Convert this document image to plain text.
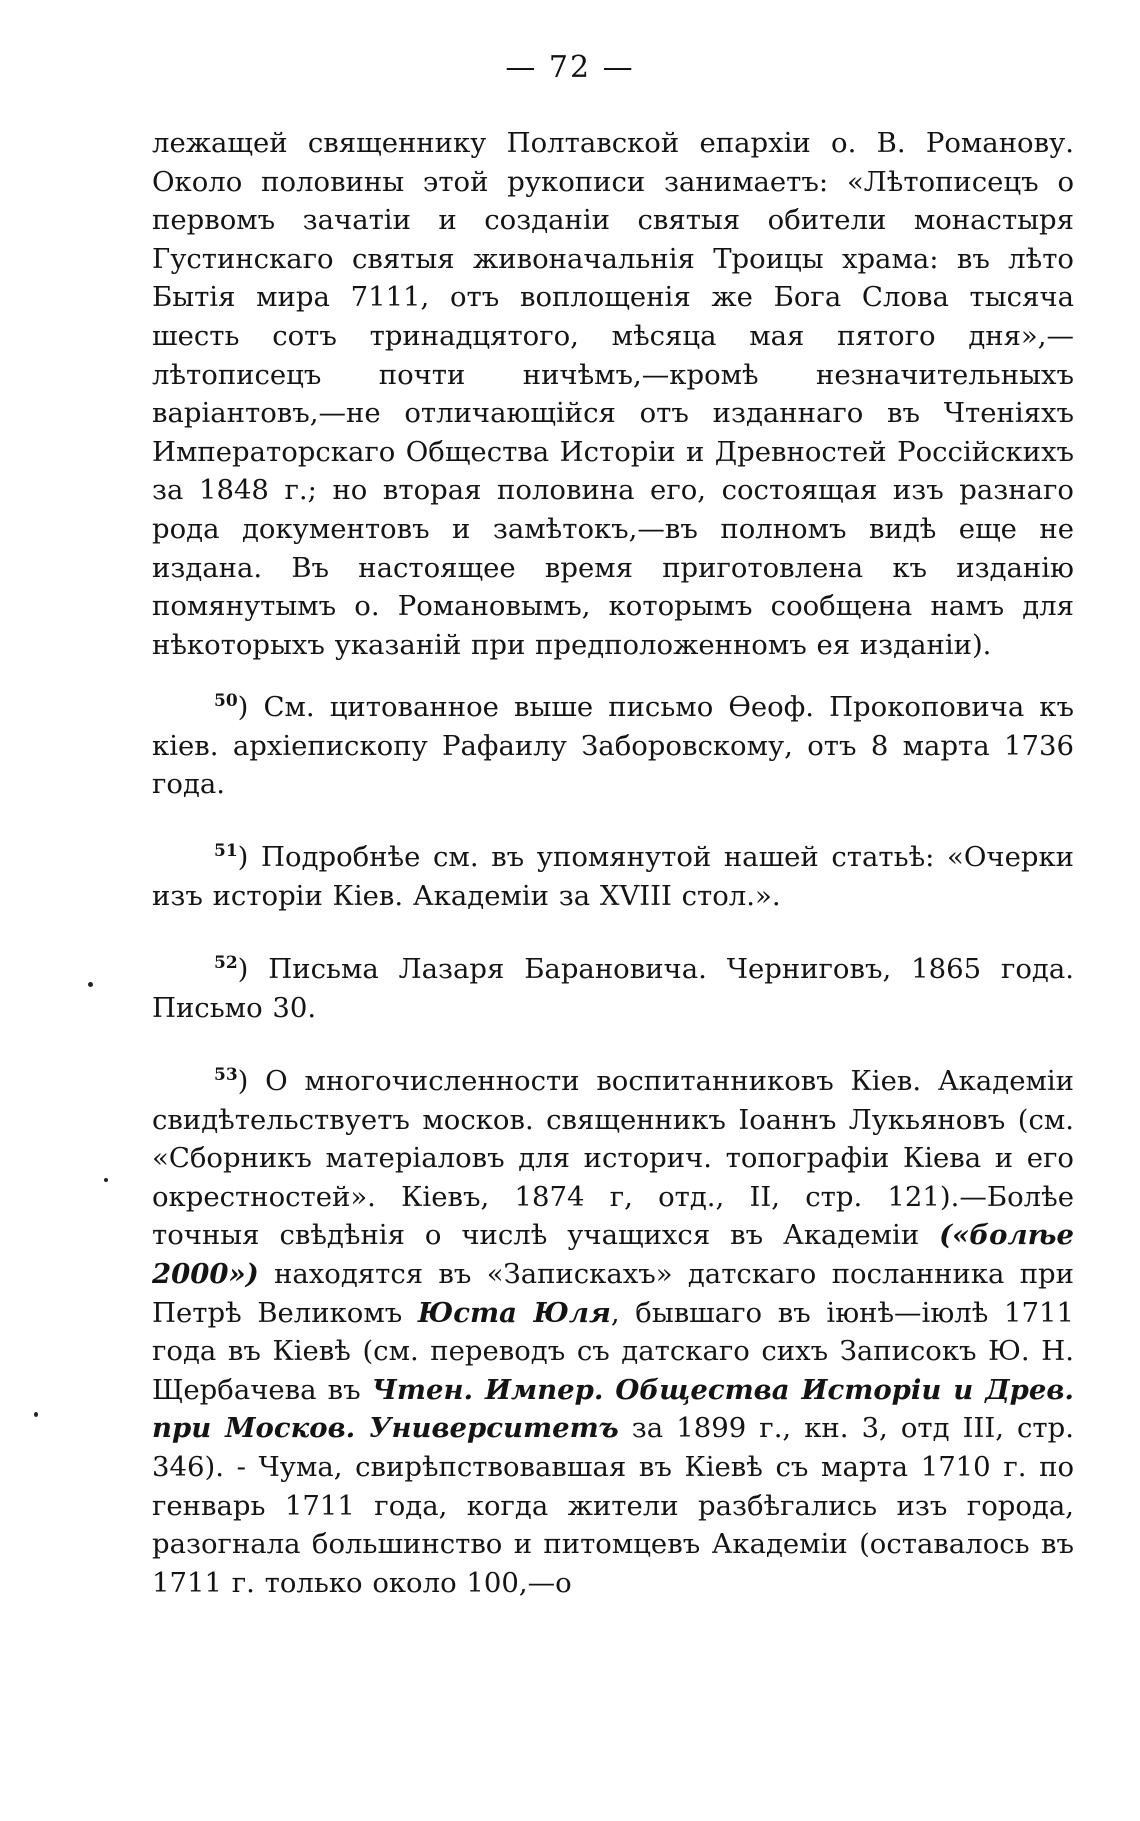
— 72 —

лежащей священнику Полтавской епархіи о. В. Романову. Около половины этой рукописи занимаетъ: «Лѣтописецъ о первомъ зачатіи и созданіи святыя обители монастыря Густинскаго святыя живоначальнія Троицы храма: въ лѣто Бытія мира 7111, отъ воплощенія же Бога Слова тысяча шесть сотъ тринадцятого, мѣсяца мая пятого дня»,—лѣтописецъ почти ничѣмъ,—кромѣ незначительныхъ варіантовъ,—не отличающійся отъ изданнаго въ Чтеніяхъ Императорскаго Общества Исторіи и Древностей Россійскихъ за 1848 г.; но вторая половина его, состоящая изъ разнаго рода документовъ и замѣтокъ,—въ полномъ видѣ еще не издана. Въ настоящее время приготовлена къ изданію помянутымъ о. Романовымъ, которымъ сообщена намъ для нѣкоторыхъ указаній при предположенномъ ея изданіи).

$^{50}$) См. цитованное выше письмо Ѳеоф. Прокоповича къ кіев. архіепископу Рафаилу Заборовскому, отъ 8 марта 1736 года.

$^{51}$) Подробнѣе см. въ упомянутой нашей статьѣ: «Очерки изъ исторіи Кіев. Академіи за XVIII стол.».

$^{52}$) Письма Лазаря Барановича. Черниговъ, 1865 года. Письмо 30.

$^{53}$) О многочисленности воспитанниковъ Кіев. Академіи свидѣтельствуетъ москов. священникъ Іоаннъ Лукьяновъ (см. «Сборникъ матеріаловъ для историч. топографіи Кіева и его окрестностей». Кіевъ, 1874 г, отд., II, стр. 121).—Болѣе точныя свѣдѣнія о числѣ учащихся въ Академіи («болѣе 2000») находятся въ «Запискахъ» датскаго посланника при Петрѣ Великомъ Юста Юля, бывшаго въ іюнѣ—іюлѣ 1711 года въ Кіевѣ (см. переводъ съ датскаго сихъ Записокъ Ю. Н. Щербачева въ Чтен. Импер. Общества Исторіи и Древ. при Москов. Университетъ за 1899 г., кн. 3, отд III, стр. 346). - Чума, свирѣпствовавшая въ Кіевѣ съ марта 1710 г. по генварь 1711 года, когда жители разбѣгались изъ города, разогнала большинство и питомцевъ Академіи (оставалось въ 1711 г. только около 100,—о
